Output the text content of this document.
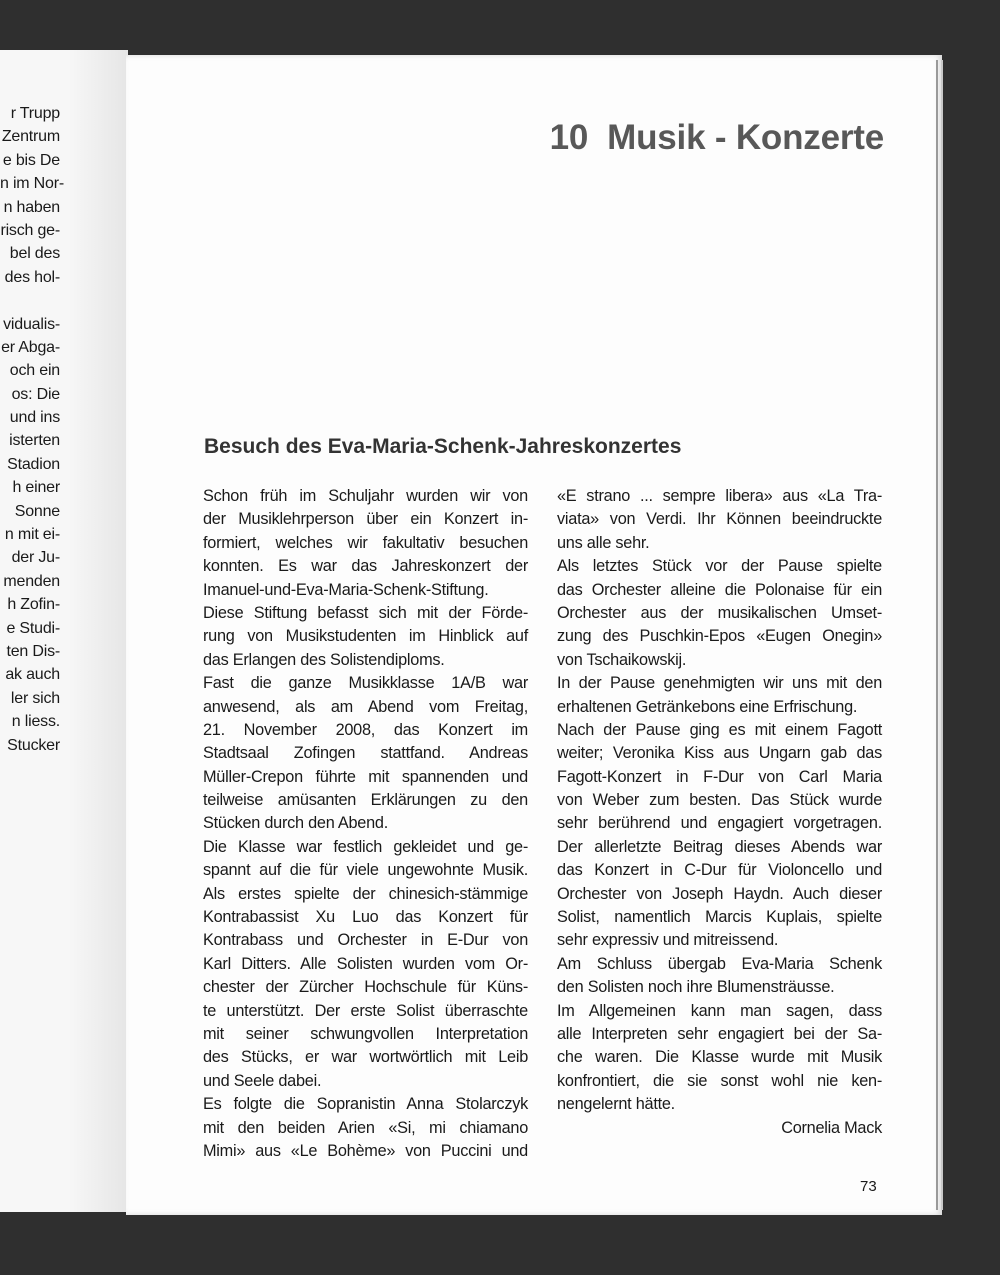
r Trupp
Zentrum
e bis De
n im Nor-
n haben
risch ge-
bel des
des hol-
vidualis-
er Abga-
och ein
os: Die
und ins
isterten
Stadion
h einer
Sonne
n mit ei-
der Ju-
menden
h Zofin-
e Studi-
ten Dis-
ak auch
ler sich
n liess.
Stucker
10  Musik - Konzerte
Besuch des Eva-Maria-Schenk-Jahreskonzertes
Schon früh im Schuljahr wurden wir von
der Musiklehrperson über ein Konzert in-
formiert, welches wir fakultativ besuchen
konnten. Es war das Jahreskonzert der
Imanuel-und-Eva-Maria-Schenk-Stiftung.
Diese Stiftung befasst sich mit der Förde-
rung von Musikstudenten im Hinblick auf
das Erlangen des Solistendiploms.
Fast die ganze Musikklasse 1A/B war
anwesend, als am Abend vom Freitag,
21. November 2008, das Konzert im
Stadtsaal Zofingen stattfand. Andreas
Müller-Crepon führte mit spannenden und
teilweise amüsanten Erklärungen zu den
Stücken durch den Abend.
Die Klasse war festlich gekleidet und ge-
spannt auf die für viele ungewohnte Musik.
Als erstes spielte der chinesich-stämmige
Kontrabassist Xu Luo das Konzert für
Kontrabass und Orchester in E-Dur von
Karl Ditters. Alle Solisten wurden vom Or-
chester der Zürcher Hochschule für Küns-
te unterstützt. Der erste Solist überraschte
mit seiner schwungvollen Interpretation
des Stücks, er war wortwörtlich mit Leib
und Seele dabei.
Es folgte die Sopranistin Anna Stolarczyk
mit den beiden Arien «Si, mi chiamano
Mimi» aus «Le Bohème» von Puccini und
«E strano ... sempre libera» aus «La Tra-
viata» von Verdi. Ihr Können beeindruckte
uns alle sehr.
Als letztes Stück vor der Pause spielte
das Orchester alleine die Polonaise für ein
Orchester aus der musikalischen Umset-
zung des Puschkin-Epos «Eugen Onegin»
von Tschaikowskij.
In der Pause genehmigten wir uns mit den
erhaltenen Getränkebons eine Erfrischung.
Nach der Pause ging es mit einem Fagott
weiter; Veronika Kiss aus Ungarn gab das
Fagott-Konzert in F-Dur von Carl Maria
von Weber zum besten. Das Stück wurde
sehr berührend und engagiert vorgetragen.
Der allerletzte Beitrag dieses Abends war
das Konzert in C-Dur für Violoncello und
Orchester von Joseph Haydn. Auch dieser
Solist, namentlich Marcis Kuplais, spielte
sehr expressiv und mitreissend.
Am Schluss übergab Eva-Maria Schenk
den Solisten noch ihre Blumensträusse.
Im Allgemeinen kann man sagen, dass
alle Interpreten sehr engagiert bei der Sa-
che waren. Die Klasse wurde mit Musik
konfrontiert, die sie sonst wohl nie ken-
nengelernt hätte.
Cornelia Mack
73
